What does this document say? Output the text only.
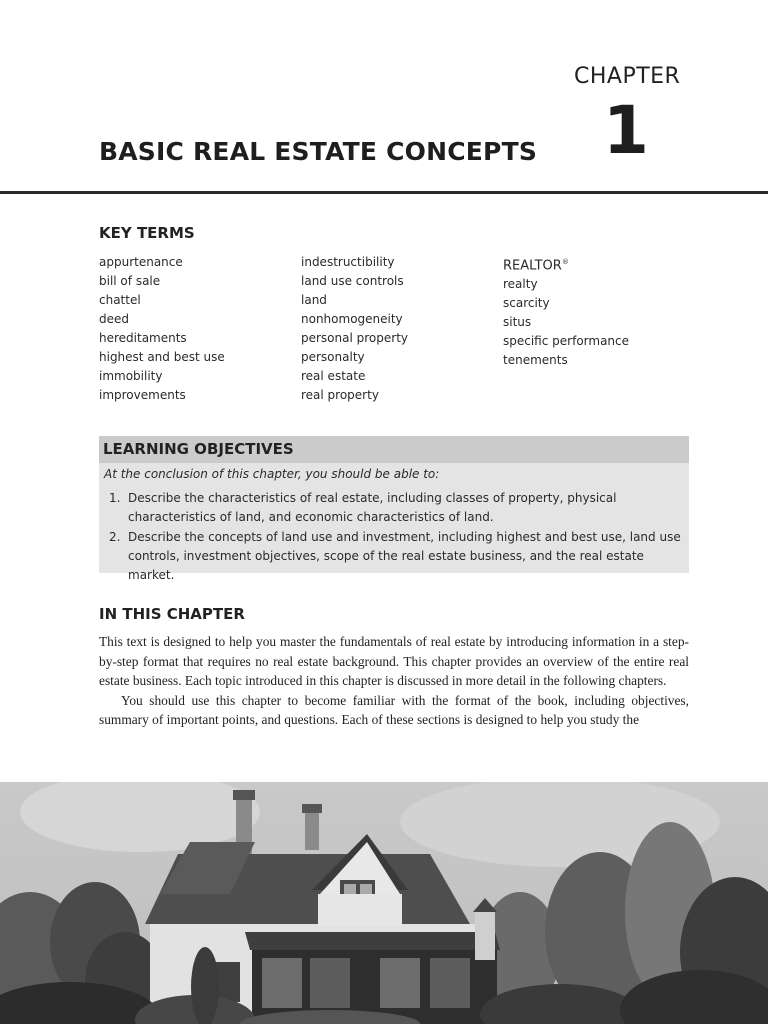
CHAPTER
1
BASIC REAL ESTATE CONCEPTS
KEY TERMS
appurtenance
bill of sale
chattel
deed
hereditaments
highest and best use
immobility
improvements
indestructibility
land use controls
land
nonhomogeneity
personal property
personalty
real estate
real property
REALTOR®
realty
scarcity
situs
specific performance
tenements
LEARNING OBJECTIVES
At the conclusion of this chapter, you should be able to:
1. Describe the characteristics of real estate, including classes of property, physical characteristics of land, and economic characteristics of land.
2. Describe the concepts of land use and investment, including highest and best use, land use controls, investment objectives, scope of the real estate business, and the real estate market.
IN THIS CHAPTER

This text is designed to help you master the fundamentals of real estate by introducing information in a step-by-step format that requires no real estate background. This chapter provides an overview of the entire real estate business. Each topic introduced in this chapter is discussed in more detail in the following chapters.

You should use this chapter to become familiar with the format of the book, including objectives, summary of important points, and questions. Each of these sections is designed to help you study the
